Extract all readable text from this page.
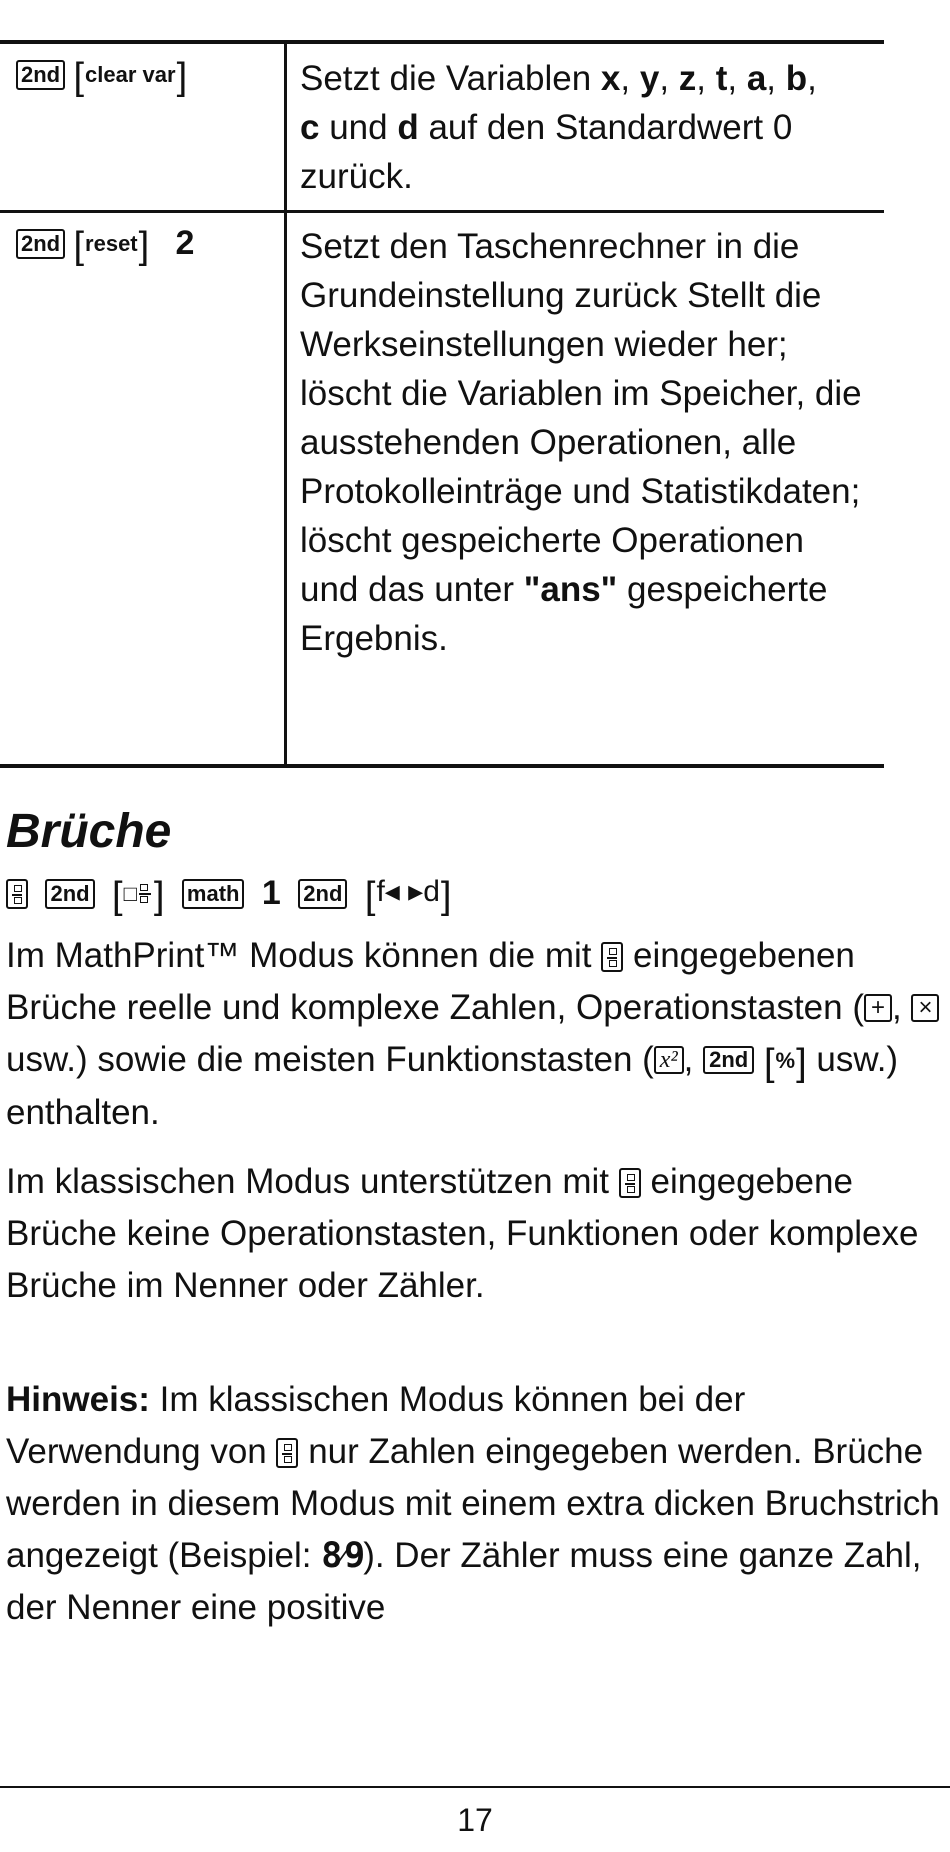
2nd [ clear var ]	Setzt die Variablen x, y, z, t, a, b,
c und d auf den Standardwert 0 zurück.
2nd [ reset ] 2	Setzt den Taschenrechner in die Grundeinstellung zurück Stellt die Werkseinstellungen wieder her; löscht die Variablen im Speicher, die ausstehenden Operationen, alle Protokolleinträge und Statistikdaten; löscht gespeicherte Operationen und das unter "ans" gespeicherte Ergebnis.
Brüche
2nd [ □
] math 1 2nd [ f◂ ▸d ]
Im MathPrint™ Modus können die mit
eingegebenen Brüche reelle und komplexe Zahlen, Operationstasten ( + , × usw.) sowie die meisten Funktionstasten ( x² , 2nd [ % ] usw.) enthalten.
Im klassischen Modus unterstützen mit
eingegebene Brüche keine Operationstasten, Funktionen oder komplexe Brüche im Nenner oder Zähler.
Hinweis: Im klassischen Modus können bei der Verwendung von
nur Zahlen eingegeben werden. Brüche werden in diesem Modus mit einem extra dicken Bruchstrich angezeigt (Beispiel: 8⁄9). Der Zähler muss eine ganze Zahl, der Nenner eine positive
17
